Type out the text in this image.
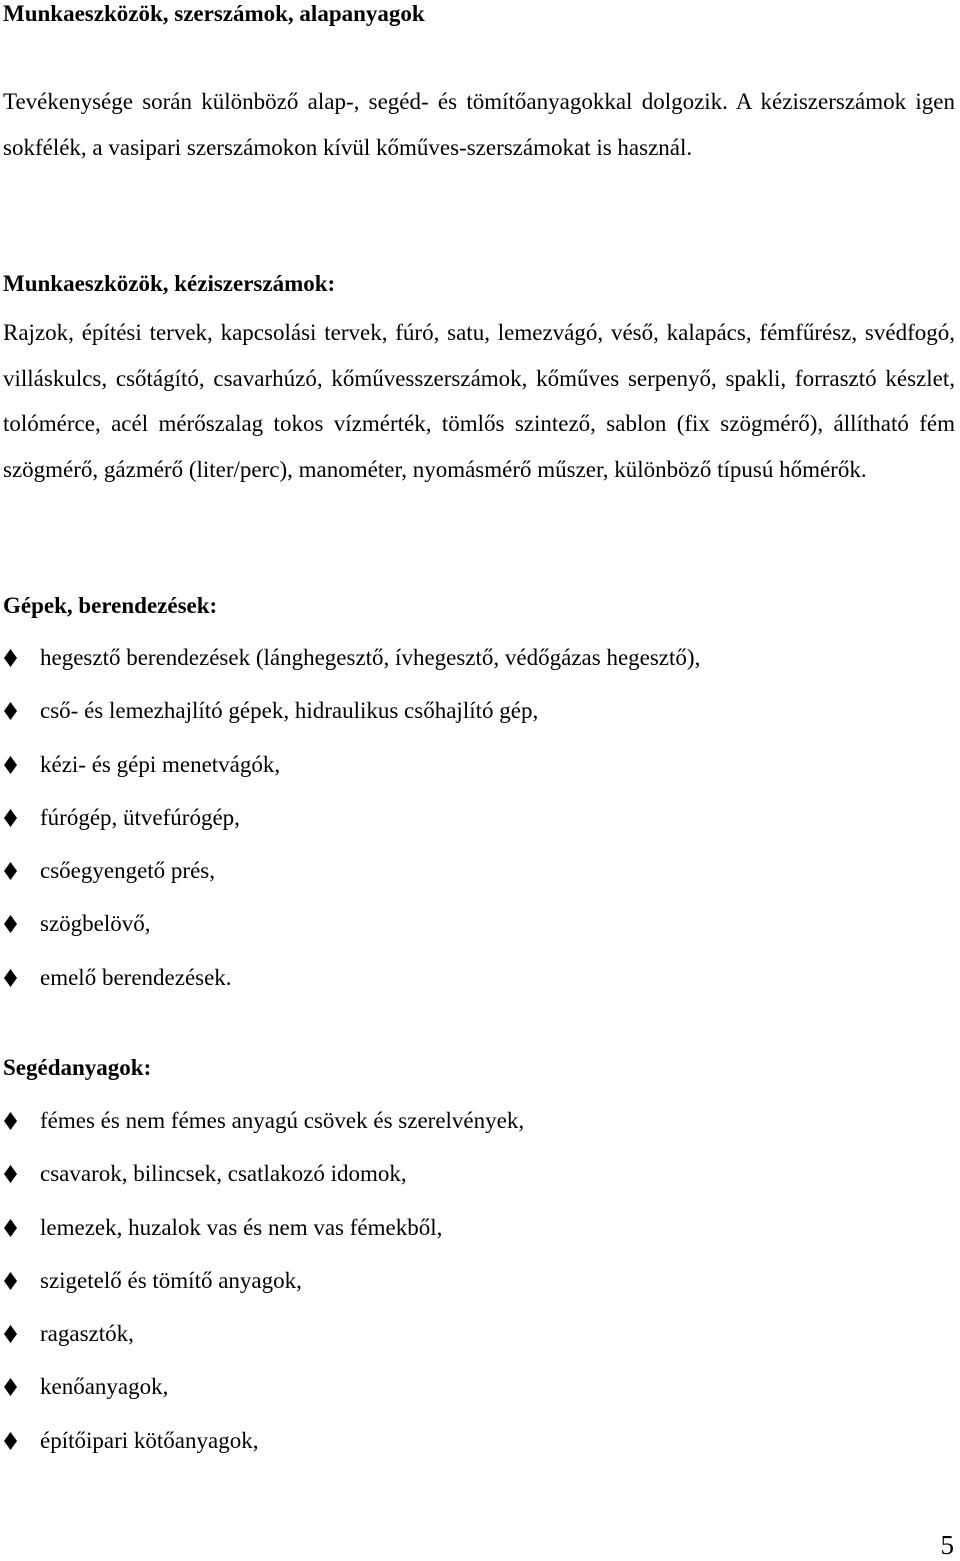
Munkaeszközök, szerszámok, alapanyagok

Tevékenysége során különböző alap-, segéd- és tömítőanyagokkal dolgozik. A kéziszerszámok igen sokfélék, a vasipari szerszámokon kívül kőműves-szerszámokat is használ.

Munkaeszközök, kéziszerszámok:

Rajzok, építési tervek, kapcsolási tervek, fúró, satu, lemezvágó, véső, kalapács, fémfűrész, svédfogó, villáskulcs, csőtágító, csavarhúzó, kőművesszerszámok, kőműves serpenyő, spakli, forrasztó készlet, tolómérce, acél mérőszalag tokos vízmérték, tömlős szintező, sablon (fix szögmérő), állítható fém szögmérő, gázmérő (liter/perc), manométer, nyomásmérő műszer, különböző típusú hőmérők.

Gépek, berendezések:
hegesztő berendezések (lánghegesztő, ívhegesztő, védőgázas hegesztő),
cső- és lemezhajlító gépek, hidraulikus csőhajlító gép,
kézi- és gépi menetvágók,
fúrógép, ütvefúrógép,
csőegyengető prés,
szögbelövő,
emelő berendezések.
Segédanyagok:
fémes és nem fémes anyagú csövek és szerelvények,
csavarok, bilincsek, csatlakozó idomok,
lemezek, huzalok vas és nem vas fémekből,
szigetelő és tömítő anyagok,
ragasztók,
kenőanyagok,
építőipari kötőanyagok,
5
